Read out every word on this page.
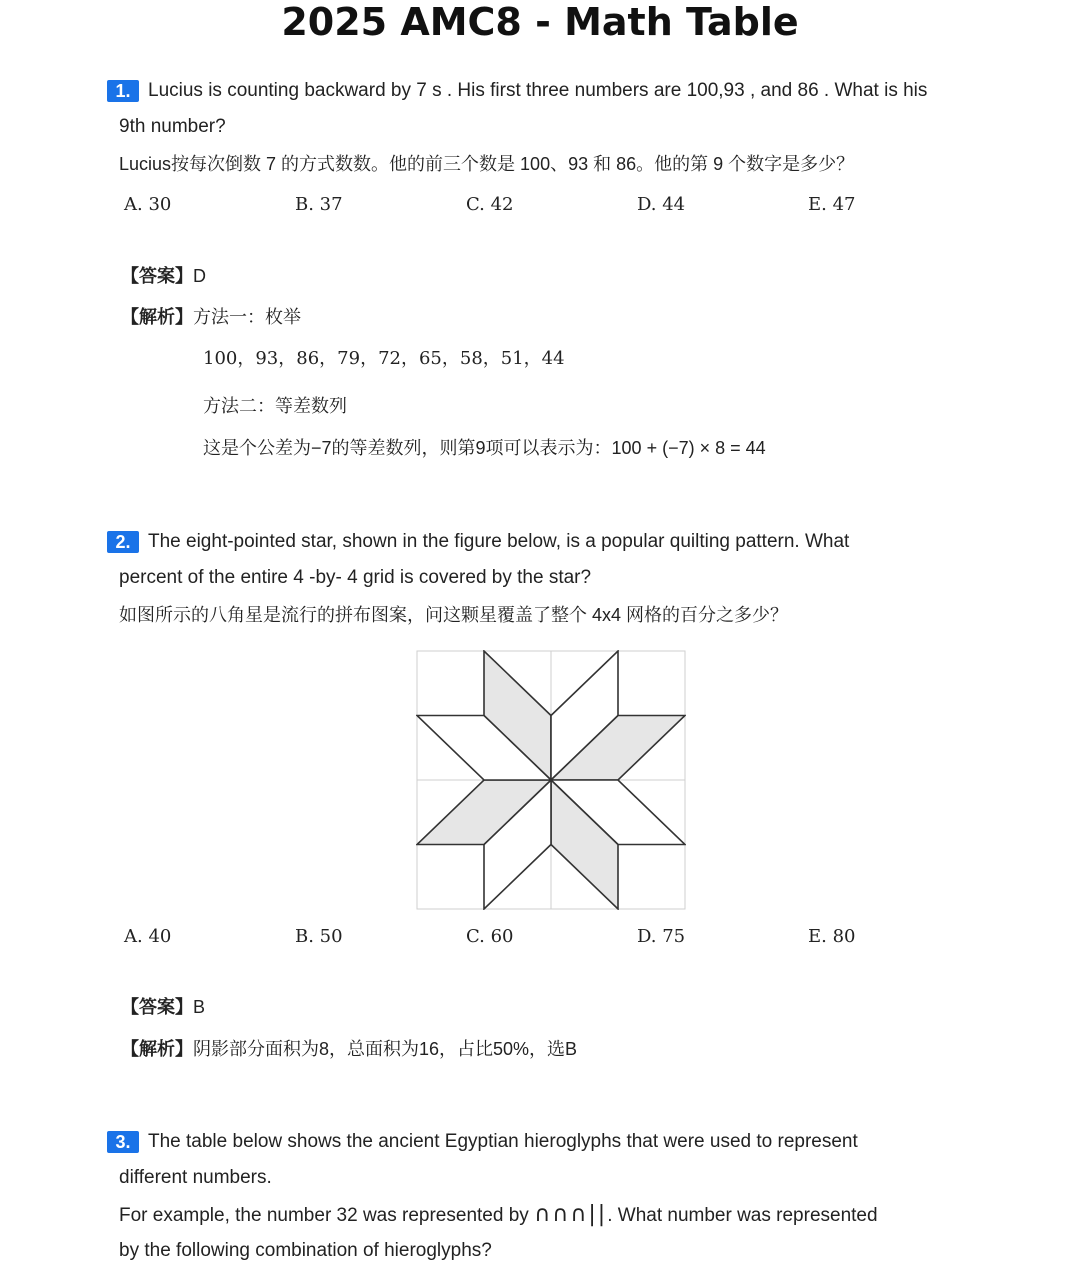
2025 AMC8 - Math Table
1. Lucius is counting backward by 7 s . His first three numbers are 100,93 , and 86 . What is his
9th number?
Lucius按每次倒数 7 的方式数数。他的前三个数是 100、93 和 86。他的第 9 个数字是多少？
A. 30	B. 37	C. 42	D. 44	E. 47
【答案】D
【解析】方法一：枚举
100，93，86，79，72，65，58，51，44
方法二：等差数列
这是个公差为−7的等差数列，则第9项可以表示为：100 + (−7) × 8 = 44
2. The eight-pointed star, shown in the figure below, is a popular quilting pattern. What
percent of the entire 4 -by- 4 grid is covered by the star?
如图所示的八角星是流行的拼布图案，问这颗星覆盖了整个 4x4 网格的百分之多少？
A. 40	B. 50	C. 60	D. 75	E. 80
【答案】B
【解析】阴影部分面积为8，总面积为16，占比50%，选B
3. The table below shows the ancient Egyptian hieroglyphs that were used to represent
different numbers.
For example, the number 32 was represented by ∩∩∩||. What number was represented
by the following combination of hieroglyphs?
